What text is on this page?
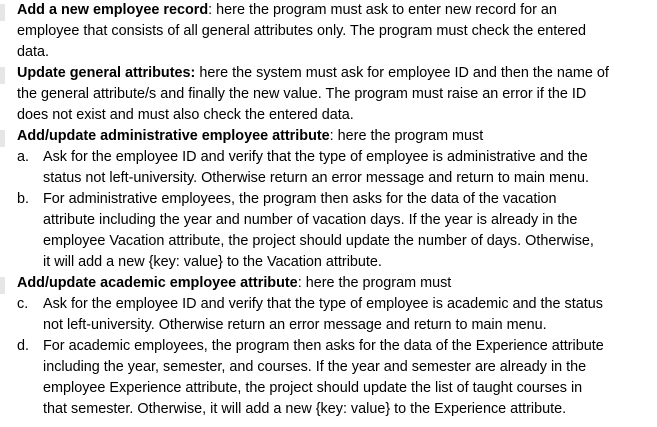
Add a new employee record: here the program must ask to enter new record for an
employee that consists of all general attributes only. The program must check the entered
data.
Update general attributes: here the system must ask for employee ID and then the name of
the general attribute/s and finally the new value. The program must raise an error if the ID
does not exist and must also check the entered data.
Add/update administrative employee attribute: here the program must
a. Ask for the employee ID and verify that the type of employee is administrative and the
status not left-university. Otherwise return an error message and return to main menu.
b. For administrative employees, the program then asks for the data of the vacation
attribute including the year and number of vacation days. If the year is already in the
employee Vacation attribute, the project should update the number of days. Otherwise,
it will add a new {key: value} to the Vacation attribute.
Add/update academic employee attribute: here the program must
c. Ask for the employee ID and verify that the type of employee is academic and the status
not left-university. Otherwise return an error message and return to main menu.
d. For academic employees, the program then asks for the data of the Experience attribute
including the year, semester, and courses. If the year and semester are already in the
employee Experience attribute, the project should update the list of taught courses in
that semester. Otherwise, it will add a new {key: value} to the Experience attribute.
